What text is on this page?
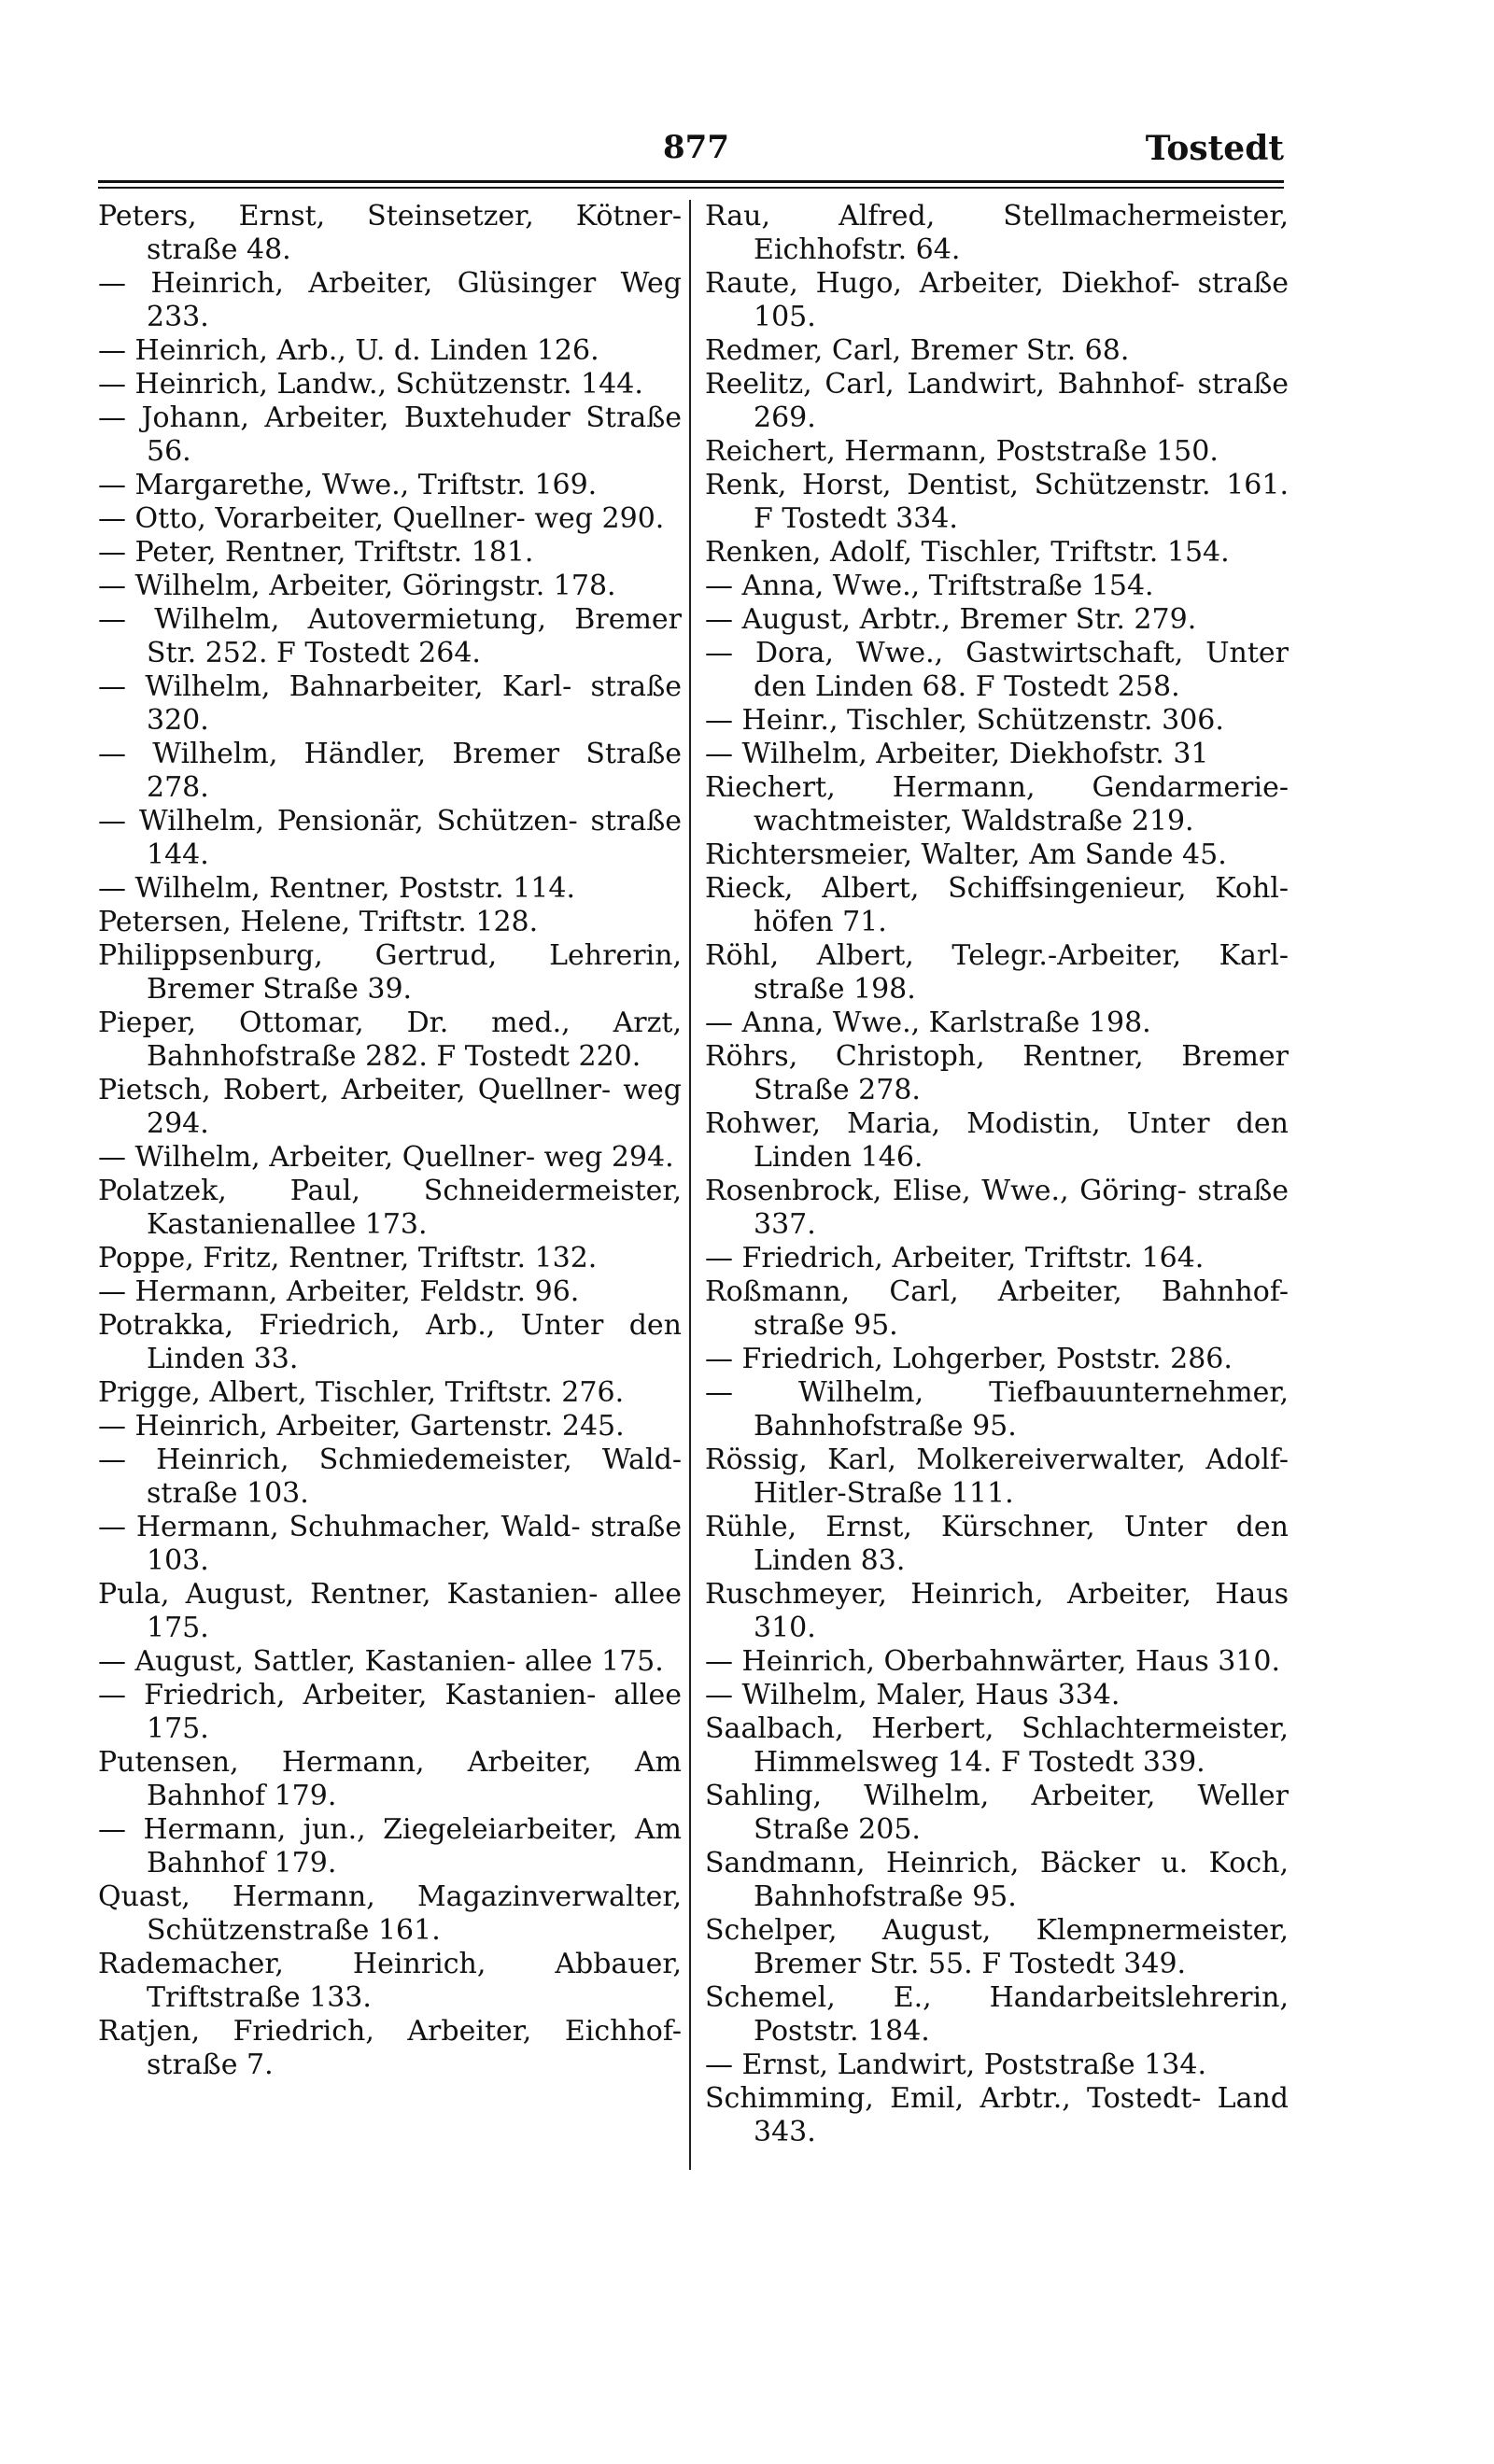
877	Tostedt
Peters, Ernst, Steinsetzer, Kötner- straße 48.
— Heinrich, Arbeiter, Glüsinger Weg 233.
— Heinrich, Arb., U. d. Linden 126.
— Heinrich, Landw., Schützenstr. 144.
— Johann, Arbeiter, Buxtehuder Straße 56.
— Margarethe, Wwe., Triftstr. 169.
— Otto, Vorarbeiter, Quellner- weg 290.
— Peter, Rentner, Triftstr. 181.
— Wilhelm, Arbeiter, Göringstr. 178.
— Wilhelm, Autovermietung, Bremer Str. 252. F Tostedt 264.
— Wilhelm, Bahnarbeiter, Karl- straße 320.
— Wilhelm, Händler, Bremer Straße 278.
— Wilhelm, Pensionär, Schützen- straße 144.
— Wilhelm, Rentner, Poststr. 114.
Petersen, Helene, Triftstr. 128.
Philippsenburg, Gertrud, Lehrerin, Bremer Straße 39.
Pieper, Ottomar, Dr. med., Arzt, Bahnhofstraße 282. F Tostedt 220.
Pietsch, Robert, Arbeiter, Quellner- weg 294.
— Wilhelm, Arbeiter, Quellner- weg 294.
Polatzek, Paul, Schneidermeister, Kastanienallee 173.
Poppe, Fritz, Rentner, Triftstr. 132.
— Hermann, Arbeiter, Feldstr. 96.
Potrakka, Friedrich, Arb., Unter den Linden 33.
Prigge, Albert, Tischler, Triftstr. 276.
— Heinrich, Arbeiter, Gartenstr. 245.
— Heinrich, Schmiedemeister, Wald- straße 103.
— Hermann, Schuhmacher, Wald- straße 103.
Pula, August, Rentner, Kastanien- allee 175.
— August, Sattler, Kastanien- allee 175.
— Friedrich, Arbeiter, Kastanien- allee 175.
Putensen, Hermann, Arbeiter, Am Bahnhof 179.
— Hermann, jun., Ziegeleiarbeiter, Am Bahnhof 179.
Quast, Hermann, Magazinverwalter, Schützenstraße 161.
Rademacher, Heinrich, Abbauer, Triftstraße 133.
Ratjen, Friedrich, Arbeiter, Eichhof- straße 7.
Rau, Alfred, Stellmachermeister, Eichhofstr. 64.
Raute, Hugo, Arbeiter, Diekhof- straße 105.
Redmer, Carl, Bremer Str. 68.
Reelitz, Carl, Landwirt, Bahnhof- straße 269.
Reichert, Hermann, Poststraße 150.
Renk, Horst, Dentist, Schützenstr. 161. F Tostedt 334.
Renken, Adolf, Tischler, Triftstr. 154.
— Anna, Wwe., Triftstraße 154.
— August, Arbtr., Bremer Str. 279.
— Dora, Wwe., Gastwirtschaft, Unter den Linden 68. F Tostedt 258.
— Heinr., Tischler, Schützenstr. 306.
— Wilhelm, Arbeiter, Diekhofstr. 31
Riechert, Hermann, Gendarmerie- wachtmeister, Waldstraße 219.
Richtersmeier, Walter, Am Sande 45.
Rieck, Albert, Schiffsingenieur, Kohl- höfen 71.
Röhl, Albert, Telegr.-Arbeiter, Karl- straße 198.
— Anna, Wwe., Karlstraße 198.
Röhrs, Christoph, Rentner, Bremer Straße 278.
Rohwer, Maria, Modistin, Unter den Linden 146.
Rosenbrock, Elise, Wwe., Göring- straße 337.
— Friedrich, Arbeiter, Triftstr. 164.
Roßmann, Carl, Arbeiter, Bahnhof- straße 95.
— Friedrich, Lohgerber, Poststr. 286.
— Wilhelm, Tiefbauunternehmer, Bahnhofstraße 95.
Rössig, Karl, Molkereiverwalter, Adolf-Hitler-Straße 111.
Rühle, Ernst, Kürschner, Unter den Linden 83.
Ruschmeyer, Heinrich, Arbeiter, Haus 310.
— Heinrich, Oberbahnwärter, Haus 310.
— Wilhelm, Maler, Haus 334.
Saalbach, Herbert, Schlachtermeister, Himmelsweg 14. F Tostedt 339.
Sahling, Wilhelm, Arbeiter, Weller Straße 205.
Sandmann, Heinrich, Bäcker u. Koch, Bahnhofstraße 95.
Schelper, August, Klempnermeister, Bremer Str. 55. F Tostedt 349.
Schemel, E., Handarbeitslehrerin, Poststr. 184.
— Ernst, Landwirt, Poststraße 134.
Schimming, Emil, Arbtr., Tostedt- Land 343.
